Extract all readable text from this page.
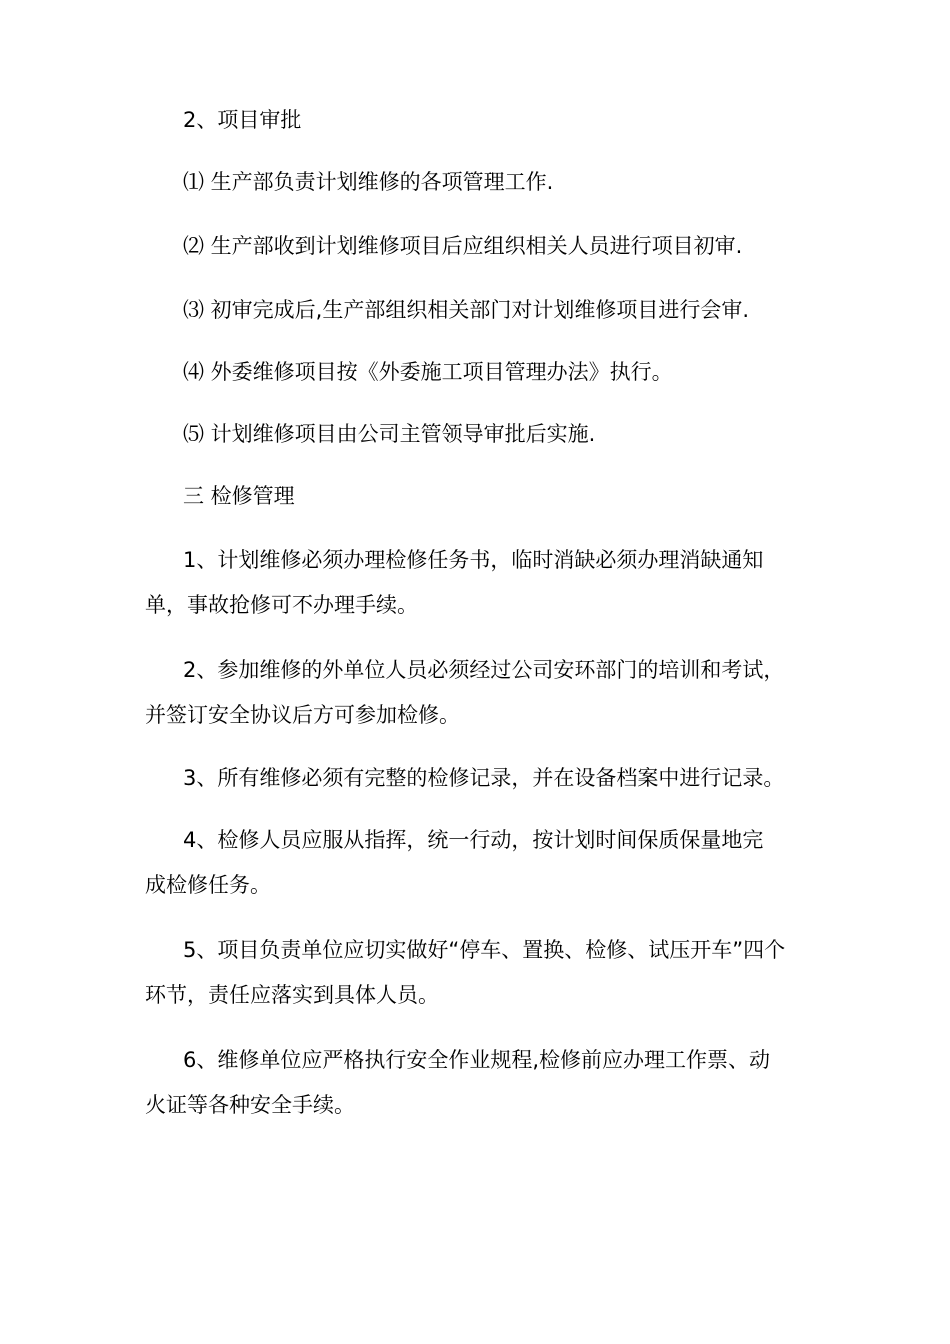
2、项目审批

⑴ 生产部负责计划维修的各项管理工作.

⑵ 生产部收到计划维修项目后应组织相关人员进行项目初审.

⑶ 初审完成后,生产部组织相关部门对计划维修项目进行会审.

⑷ 外委维修项目按《外委施工项目管理办法》执行。

⑸ 计划维修项目由公司主管领导审批后实施.

三 检修管理

1、计划维修必须办理检修任务书，临时消缺必须办理消缺通知
单，事故抢修可不办理手续。

2、参加维修的外单位人员必须经过公司安环部门的培训和考试，
并签订安全协议后方可参加检修。

3、所有维修必须有完整的检修记录，并在设备档案中进行记录。

4、检修人员应服从指挥，统一行动，按计划时间保质保量地完
成检修任务。

5、项目负责单位应切实做好“停车、置换、检修、试压开车”四个
环节，责任应落实到具体人员。

6、维修单位应严格执行安全作业规程,检修前应办理工作票、动
火证等各种安全手续。
